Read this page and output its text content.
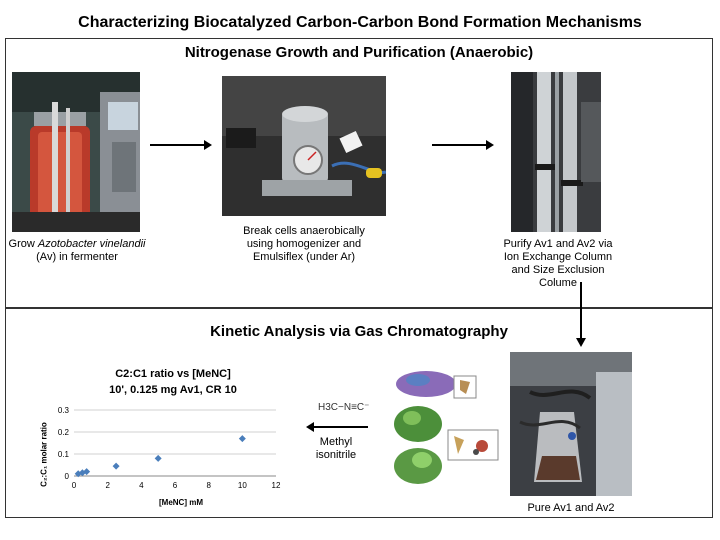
Characterizing Biocatalyzed Carbon-Carbon Bond Formation Mechanisms
Nitrogenase Growth and Purification (Anaerobic)
Grow Azotobacter vinelandii (Av) in fermenter
Break cells anaerobically using homogenizer and Emulsiflex (under Ar)
Purify Av1 and Av2 via Ion Exchange Column and Size Exclusion Colume
Kinetic Analysis via Gas Chromatography
C2:C1 ratio vs [MeNC]
10', 0.125 mg Av1, CR 10
0
0.1
0.2
0.3
0	2	4	6	8	10	12
[MeNC] mM
C₂:C₁ molar ratio
H3C−N≡C⁻
Methyl isonitrile
Pure Av1 and Av2
